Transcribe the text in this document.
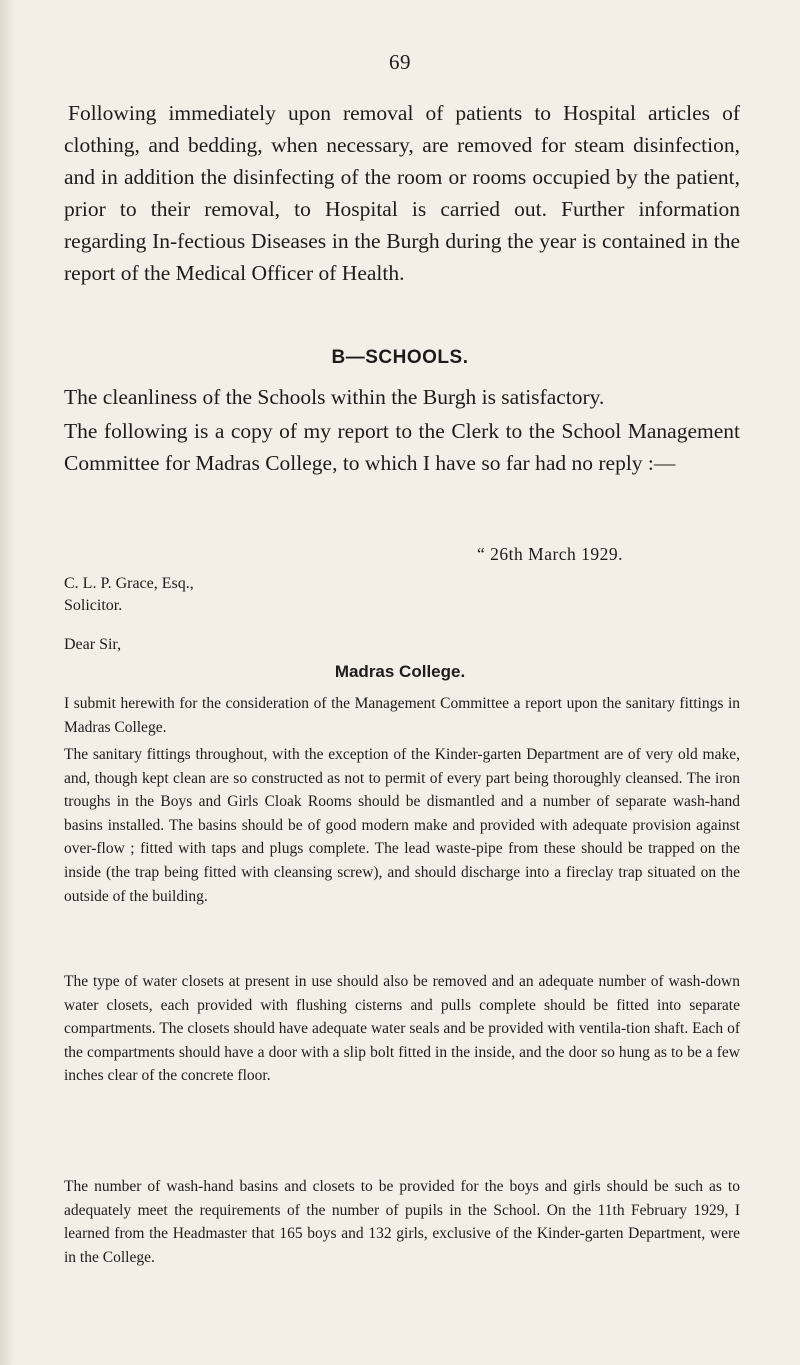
69

Following immediately upon removal of patients to Hospital articles of clothing, and bedding, when necessary, are removed for steam disinfection, and in addition the disinfecting of the room or rooms occupied by the patient, prior to their removal, to Hospital is carried out. Further information regarding In-fectious Diseases in the Burgh during the year is contained in the report of the Medical Officer of Health.

B—SCHOOLS.

The cleanliness of the Schools within the Burgh is satisfactory.

The following is a copy of my report to the Clerk to the School Management Committee for Madras College, to which I have so far had no reply :—

“ 26th March 1929.
C. L. P. Grace, Esq.,
Solicitor.
Dear Sir,
Madras College.

I submit herewith for the consideration of the Management Committee a report upon the sanitary fittings in Madras College.

The sanitary fittings throughout, with the exception of the Kinder-garten Department are of very old make, and, though kept clean are so constructed as not to permit of every part being thoroughly cleansed. The iron troughs in the Boys and Girls Cloak Rooms should be dismantled and a number of separate wash-hand basins installed. The basins should be of good modern make and provided with adequate provision against over-flow ; fitted with taps and plugs complete. The lead waste-pipe from these should be trapped on the inside (the trap being fitted with cleansing screw), and should discharge into a fireclay trap situated on the outside of the building.

The type of water closets at present in use should also be removed and an adequate number of wash-down water closets, each provided with flushing cisterns and pulls complete should be fitted into separate compartments. The closets should have adequate water seals and be provided with ventila-tion shaft. Each of the compartments should have a door with a slip bolt fitted in the inside, and the door so hung as to be a few inches clear of the concrete floor.

The number of wash-hand basins and closets to be provided for the boys and girls should be such as to adequately meet the requirements of the number of pupils in the School. On the 11th February 1929, I learned from the Headmaster that 165 boys and 132 girls, exclusive of the Kinder-garten Department, were in the College.
